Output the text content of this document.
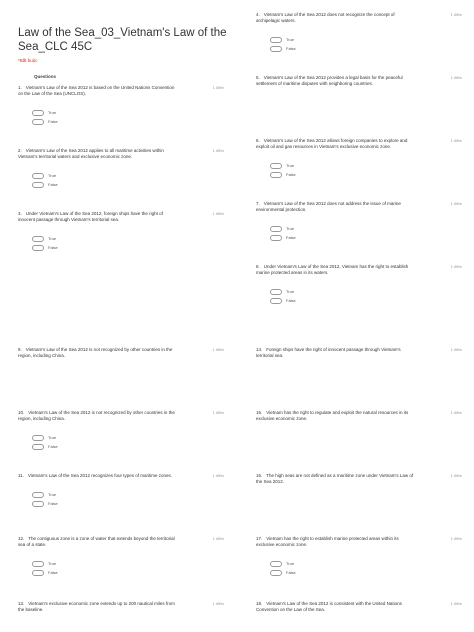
Law of the Sea_03_Vietnam's Law of the Sea_CLC 45C
*Bắt buộc
Questions
1. Vietnam's Law of the Sea 2012 is based on the United Nations Convention on the Law of the Sea (UNCLOS).
1 điểm
True
False
2. Vietnam's Law of the Sea 2012 applies to all maritime activities within Vietnam's territorial waters and exclusive economic zone.
1 điểm
True
False
3. Under Vietnam's Law of the Sea 2012, foreign ships have the right of innocent passage through Vietnam's territorial sea.
1 điểm
True
False
4. Vietnam's Law of the Sea 2012 does not recognize the concept of archipelagic waters.
1 điểm
True
False
5. Vietnam's Law of the Sea 2012 provides a legal basis for the peaceful settlement of maritime disputes with neighboring countries.
1 điểm
6. Vietnam's Law of the Sea 2012 allows foreign companies to explore and exploit oil and gas resources in Vietnam's exclusive economic zone.
1 điểm
True
False
7. Vietnam's Law of the Sea 2012 does not address the issue of marine environmental protection.
1 điểm
True
False
8. Under Vietnam's Law of the Sea 2012, Vietnam has the right to establish marine protected areas in its waters.
1 điểm
True
False
9. Vietnam's Law of the Sea 2012 is not recognized by other countries in the region, including China.
1 điểm
10. Vietnam's Law of the Sea 2012 is not recognized by other countries in the region, including China.
1 điểm
True
False
11. Vietnam's Law of the Sea 2012 recognizes four types of maritime zones.	1 điểm
True
False
12. The contiguous zone is a zone of water that extends beyond the territorial sea of a state.
1 điểm
True
False
13. Vietnam's exclusive economic zone extends up to 200 nautical miles from the baseline.
1 điểm
14. Foreign ships have the right of innocent passage through Vietnam's territorial sea.
1 điểm
15. Vietnam has the right to regulate and exploit the natural resources in its exclusive economic zone.
1 điểm
16. The high seas are not defined as a maritime zone under Vietnam's Law of the Sea 2012.
1 điểm
17. Vietnam has the right to establish marine protected areas within its exclusive economic zone.
1 điểm
True
False
18. Vietnam's Law of the Sea 2012 is consistent with the United Nations Convention on the Law of the Sea.
1 điểm
